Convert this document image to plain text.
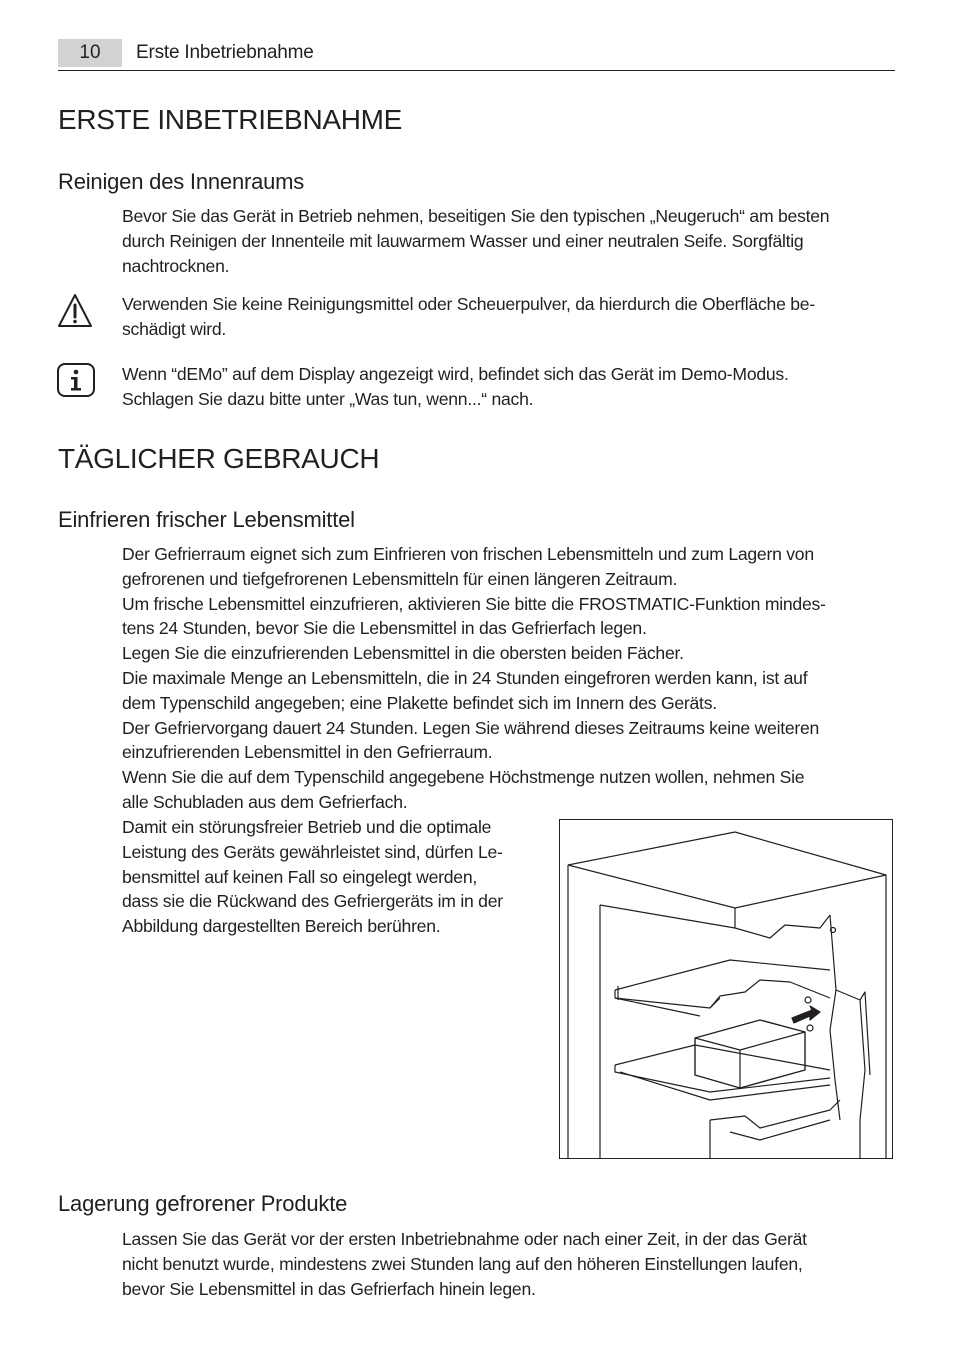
10	Erste Inbetriebnahme
ERSTE INBETRIEBNAHME
Reinigen des Innenraums

Bevor Sie das Gerät in Betrieb nehmen, beseitigen Sie den typischen „Neugeruch“ am besten
durch Reinigen der Innenteile mit lauwarmem Wasser und einer neutralen Seife. Sorgfältig
nachtrocknen.

Verwenden Sie keine Reinigungsmittel oder Scheuerpulver, da hierdurch die Oberfläche be-
schädigt wird.

Wenn “dEMo” auf dem Display angezeigt wird, befindet sich das Gerät im Demo-Modus.
Schlagen Sie dazu bitte unter „Was tun, wenn...“ nach.

TÄGLICHER GEBRAUCH
Einfrieren frischer Lebensmittel

Der Gefrierraum eignet sich zum Einfrieren von frischen Lebensmitteln und zum Lagern von
gefrorenen und tiefgefrorenen Lebensmitteln für einen längeren Zeitraum.
Um frische Lebensmittel einzufrieren, aktivieren Sie bitte die FROSTMATIC-Funktion mindes-
tens 24 Stunden, bevor Sie die Lebensmittel in das Gefrierfach legen.
Legen Sie die einzufrierenden Lebensmittel in die obersten beiden Fächer.
Die maximale Menge an Lebensmitteln, die in 24 Stunden eingefroren werden kann, ist auf
dem Typenschild angegeben; eine Plakette befindet sich im Innern des Geräts.
Der Gefriervorgang dauert 24 Stunden. Legen Sie während dieses Zeitraums keine weiteren
einzufrierenden Lebensmittel in den Gefrierraum.
Wenn Sie die auf dem Typenschild angegebene Höchstmenge nutzen wollen, nehmen Sie
alle Schubladen aus dem Gefrierfach.

Damit ein störungsfreier Betrieb und die optimale
Leistung des Geräts gewährleistet sind, dürfen Le-
bensmittel auf keinen Fall so eingelegt werden,
dass sie die Rückwand des Gefriergeräts im in der
Abbildung dargestellten Bereich berühren.

Lagerung gefrorener Produkte

Lassen Sie das Gerät vor der ersten Inbetriebnahme oder nach einer Zeit, in der das Gerät
nicht benutzt wurde, mindestens zwei Stunden lang auf den höheren Einstellungen laufen,
bevor Sie Lebensmittel in das Gefrierfach hinein legen.
